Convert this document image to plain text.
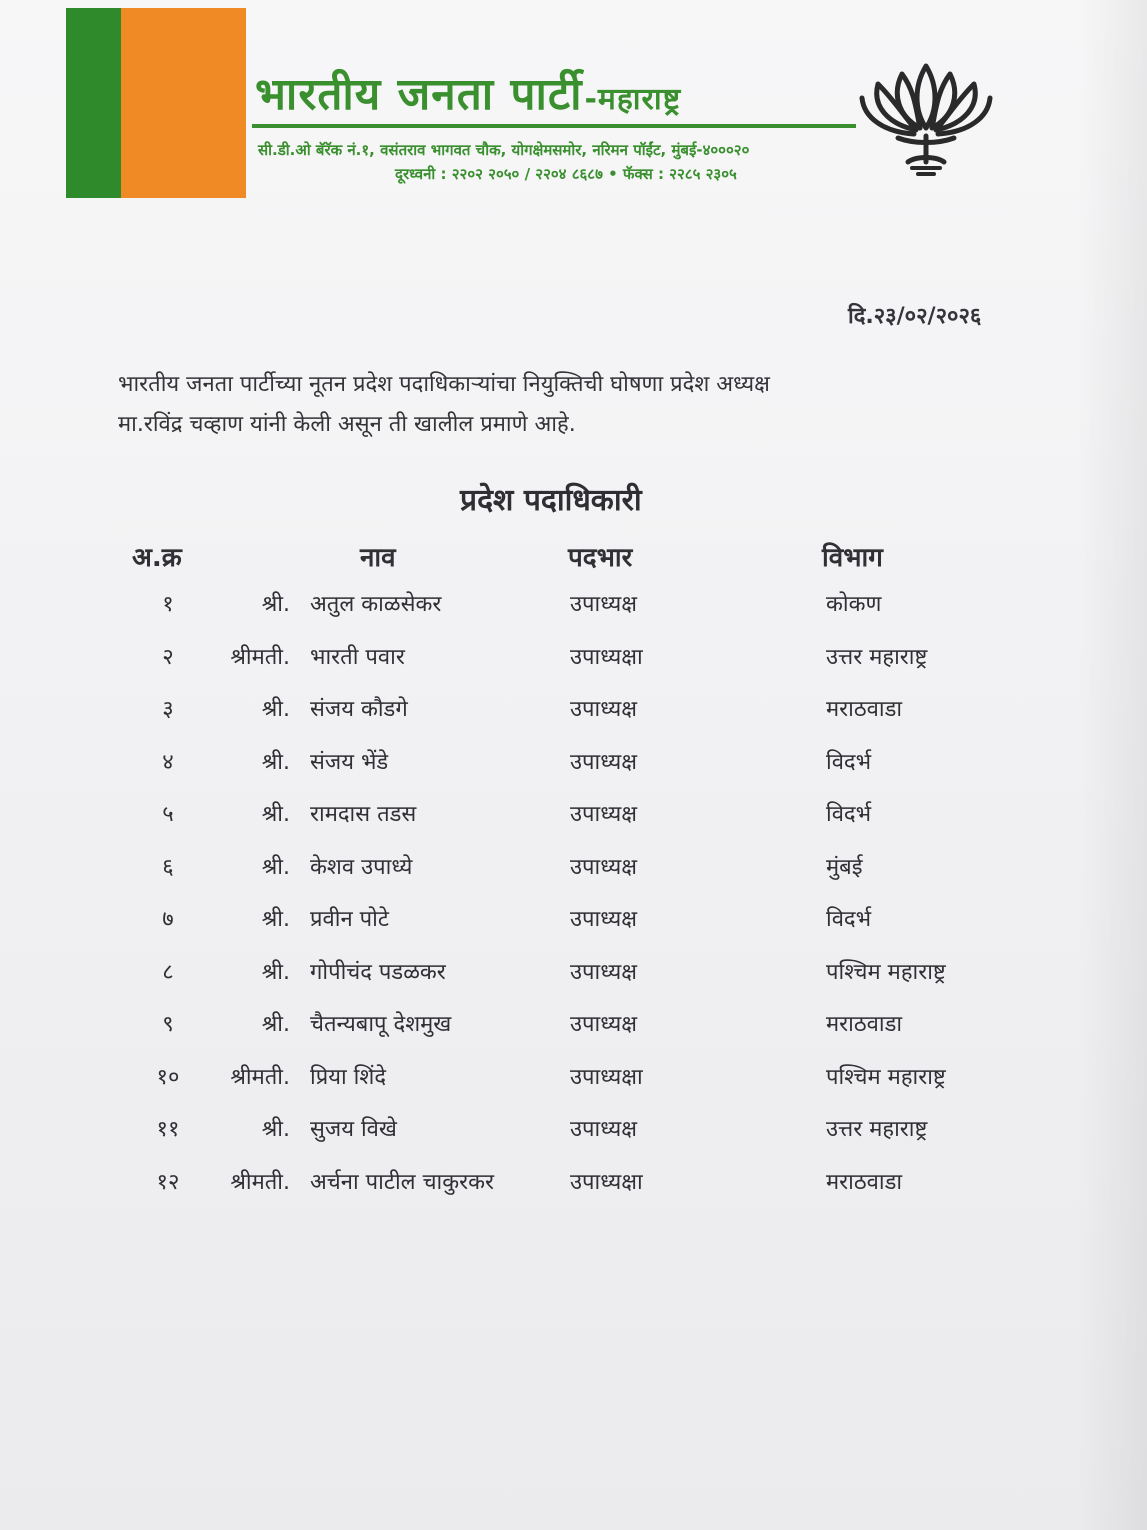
भारतीय जनता पार्टी-महाराष्ट्र
सी.डी.ओ बॅरॅक नं.१, वसंतराव भागवत चौक, योगक्षेमसमोर, नरिमन पॉईंट, मुंबई-४०००२०
दूरध्वनी : २२०२ २०५० / २२०४ ८६८७ • फॅक्स : २२८५ २३०५
दि.२३/०२/२०२६
भारतीय जनता पार्टीच्या नूतन प्रदेश पदाधिकाऱ्यांचा नियुक्तिची घोषणा प्रदेश अध्यक्ष
मा.रविंद्र चव्हाण यांनी केली असून ती खालील प्रमाणे आहे.
प्रदेश पदाधिकारी
अ.क्र	नाव	पदभार	विभाग
१	श्री. अतुल काळसेकर	उपाध्यक्ष	कोकण
२	श्रीमती. भारती पवार	उपाध्यक्षा	उत्तर महाराष्ट्र
३	श्री. संजय कौडगे	उपाध्यक्ष	मराठवाडा
४	श्री. संजय भेंडे	उपाध्यक्ष	विदर्भ
५	श्री. रामदास तडस	उपाध्यक्ष	विदर्भ
६	श्री. केशव उपाध्ये	उपाध्यक्ष	मुंबई
७	श्री. प्रवीन पोटे	उपाध्यक्ष	विदर्भ
८	श्री. गोपीचंद पडळकर	उपाध्यक्ष	पश्चिम महाराष्ट्र
९	श्री. चैतन्यबापू देशमुख	उपाध्यक्ष	मराठवाडा
१०	श्रीमती. प्रिया शिंदे	उपाध्यक्षा	पश्चिम महाराष्ट्र
११	श्री. सुजय विखे	उपाध्यक्ष	उत्तर महाराष्ट्र
१२	श्रीमती. अर्चना पाटील चाकुरकर	उपाध्यक्षा	मराठवाडा
